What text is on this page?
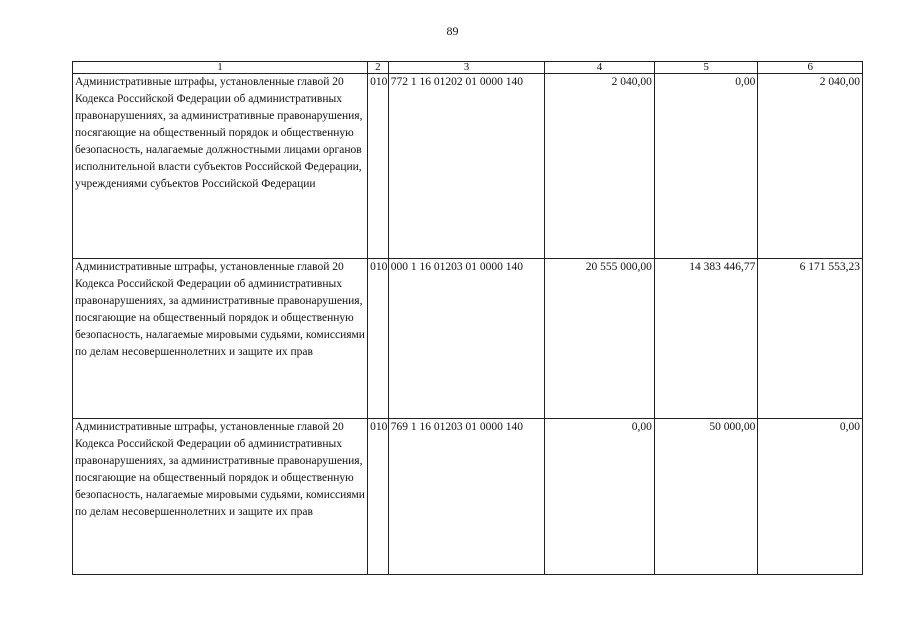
89
1	2	3	4	5	6
Административные штрафы, установленные главой 20 Кодекса Российской Федерации об административных правонарушениях, за административные правонарушения, посягающие на общественный порядок и общественную безопасность, налагаемые должностными лицами органов исполнительной власти субъектов Российской Федерации, учреждениями субъектов Российской Федерации	010	772 1 16 01202 01 0000 140	2 040,00	0,00	2 040,00
Административные штрафы, установленные главой 20 Кодекса Российской Федерации об административных правонарушениях, за административные правонарушения, посягающие на общественный порядок и общественную безопасность, налагаемые мировыми судьями, комиссиями по делам несовершеннолетних и защите их прав	010	000 1 16 01203 01 0000 140	20 555 000,00	14 383 446,77	6 171 553,23
Административные штрафы, установленные главой 20 Кодекса Российской Федерации об административных правонарушениях, за административные правонарушения, посягающие на общественный порядок и общественную безопасность, налагаемые мировыми судьями, комиссиями по делам несовершеннолетних и защите их прав	010	769 1 16 01203 01 0000 140	0,00	50 000,00	0,00
